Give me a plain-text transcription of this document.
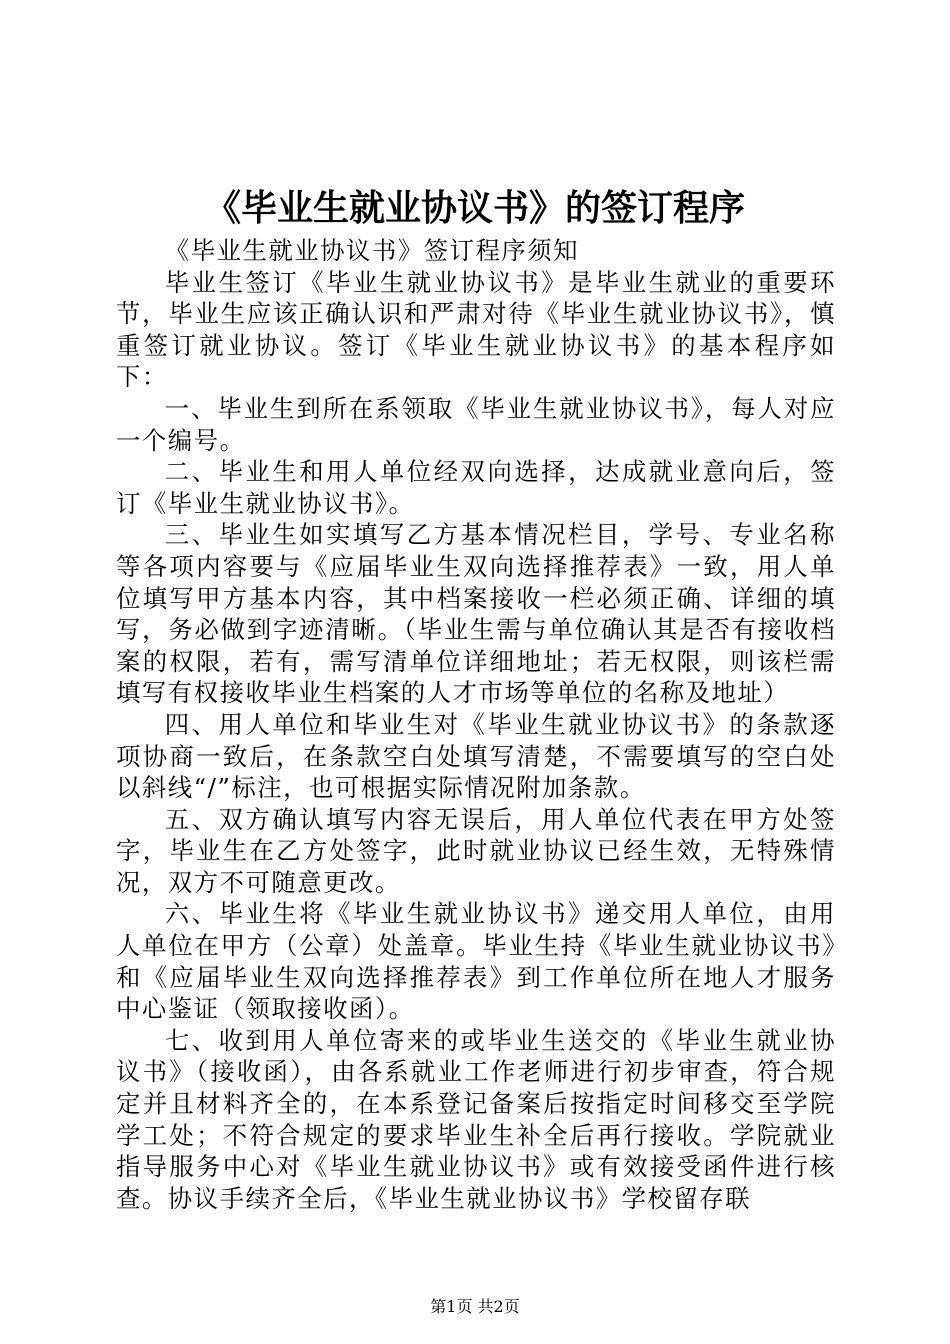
《毕业生就业协议书》的签订程序

《毕业生就业协议书》签订程序须知

毕业生签订《毕业生就业协议书》是毕业生就业的重要环节，毕业生应该正确认识和严肃对待《毕业生就业协议书》，慎重签订就业协议。签订《毕业生就业协议书》的基本程序如下：

一、毕业生到所在系领取《毕业生就业协议书》，每人对应一个编号。

二、毕业生和用人单位经双向选择，达成就业意向后，签订《毕业生就业协议书》。

三、毕业生如实填写乙方基本情况栏目，学号、专业名称等各项内容要与《应届毕业生双向选择推荐表》一致，用人单位填写甲方基本内容，其中档案接收一栏必须正确、详细的填写，务必做到字迹清晰。（毕业生需与单位确认其是否有接收档案的权限，若有，需写清单位详细地址；若无权限，则该栏需填写有权接收毕业生档案的人才市场等单位的名称及地址）

四、用人单位和毕业生对《毕业生就业协议书》的条款逐项协商一致后，在条款空白处填写清楚，不需要填写的空白处以斜线“/”标注，也可根据实际情况附加条款。

五、双方确认填写内容无误后，用人单位代表在甲方处签字，毕业生在乙方处签字，此时就业协议已经生效，无特殊情况，双方不可随意更改。

六、毕业生将《毕业生就业协议书》递交用人单位，由用人单位在甲方（公章）处盖章。毕业生持《毕业生就业协议书》和《应届毕业生双向选择推荐表》到工作单位所在地人才服务中心鉴证（领取接收函）。

七、收到用人单位寄来的或毕业生送交的《毕业生就业协议书》（接收函），由各系就业工作老师进行初步审查，符合规定并且材料齐全的，在本系登记备案后按指定时间移交至学院学工处；不符合规定的要求毕业生补全后再行接收。学院就业指导服务中心对《毕业生就业协议书》或有效接受函件进行核查。协议手续齐全后，《毕业生就业协议书》学校留存联

第1页 共2页
